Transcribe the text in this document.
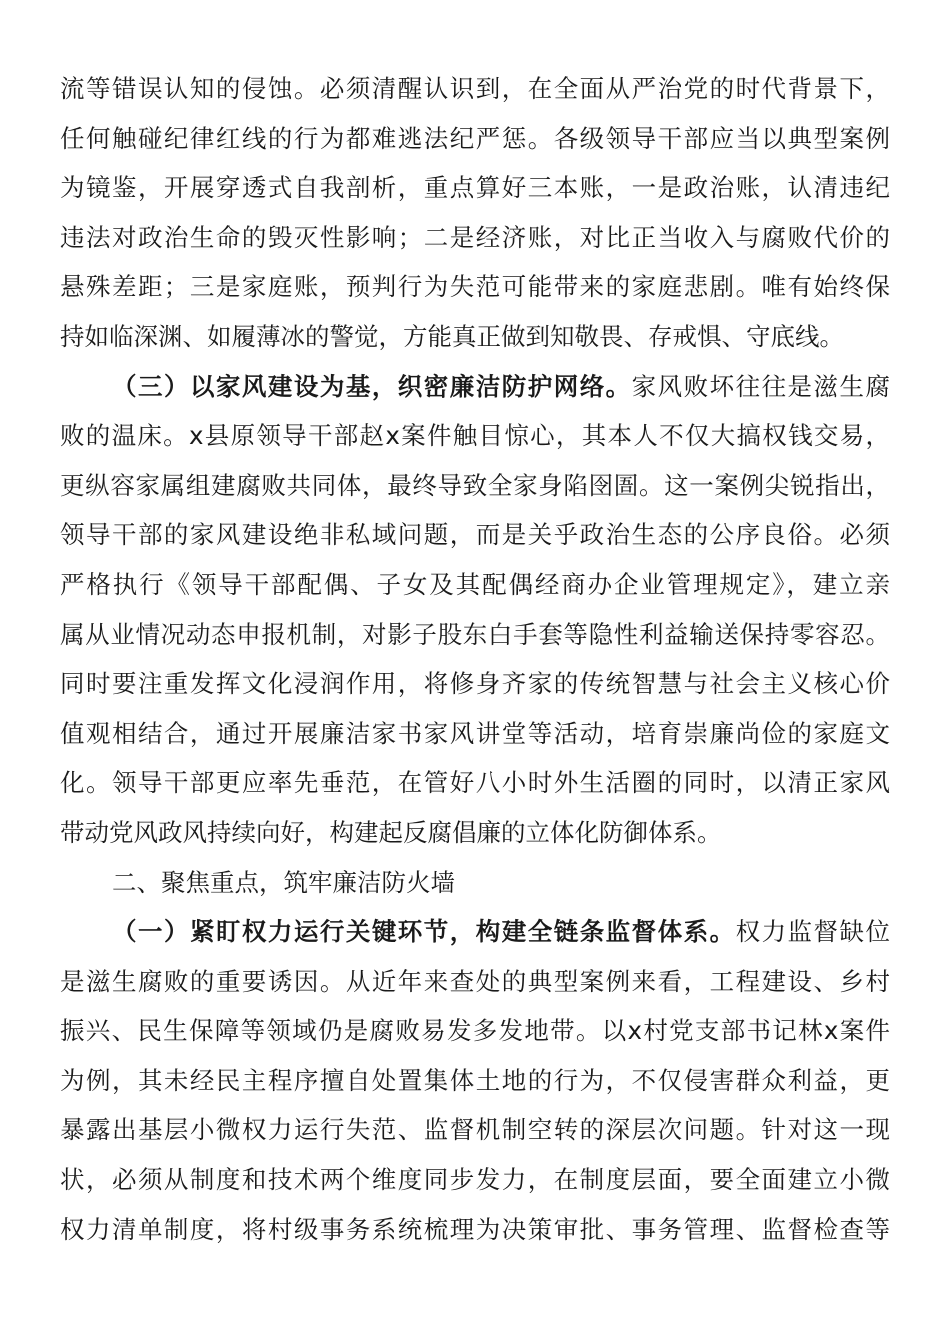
流等错误认知的侵蚀。必须清醒认识到，在全面从严治党的时代背景下，
任何触碰纪律红线的行为都难逃法纪严惩。各级领导干部应当以典型案例
为镜鉴，开展穿透式自我剖析，重点算好三本账，一是政治账，认清违纪
违法对政治生命的毁灭性影响；二是经济账，对比正当收入与腐败代价的
悬殊差距；三是家庭账，预判行为失范可能带来的家庭悲剧。唯有始终保
持如临深渊、如履薄冰的警觉，方能真正做到知敬畏、存戒惧、守底线。
（三）以家风建设为基，织密廉洁防护网络。家风败坏往往是滋生腐
败的温床。x县原领导干部赵x案件触目惊心，其本人不仅大搞权钱交易，
更纵容家属组建腐败共同体，最终导致全家身陷囹圄。这一案例尖锐指出，
领导干部的家风建设绝非私域问题，而是关乎政治生态的公序良俗。必须
严格执行《领导干部配偶、子女及其配偶经商办企业管理规定》，建立亲
属从业情况动态申报机制，对影子股东白手套等隐性利益输送保持零容忍。
同时要注重发挥文化浸润作用，将修身齐家的传统智慧与社会主义核心价
值观相结合，通过开展廉洁家书家风讲堂等活动，培育崇廉尚俭的家庭文
化。领导干部更应率先垂范，在管好八小时外生活圈的同时，以清正家风
带动党风政风持续向好，构建起反腐倡廉的立体化防御体系。
二、聚焦重点，筑牢廉洁防火墙
（一）紧盯权力运行关键环节，构建全链条监督体系。权力监督缺位
是滋生腐败的重要诱因。从近年来查处的典型案例来看，工程建设、乡村
振兴、民生保障等领域仍是腐败易发多发地带。以x村党支部书记林x案件
为例，其未经民主程序擅自处置集体土地的行为，不仅侵害群众利益，更
暴露出基层小微权力运行失范、监督机制空转的深层次问题。针对这一现
状，必须从制度和技术两个维度同步发力，在制度层面，要全面建立小微
权力清单制度，将村级事务系统梳理为决策审批、事务管理、监督检查等
